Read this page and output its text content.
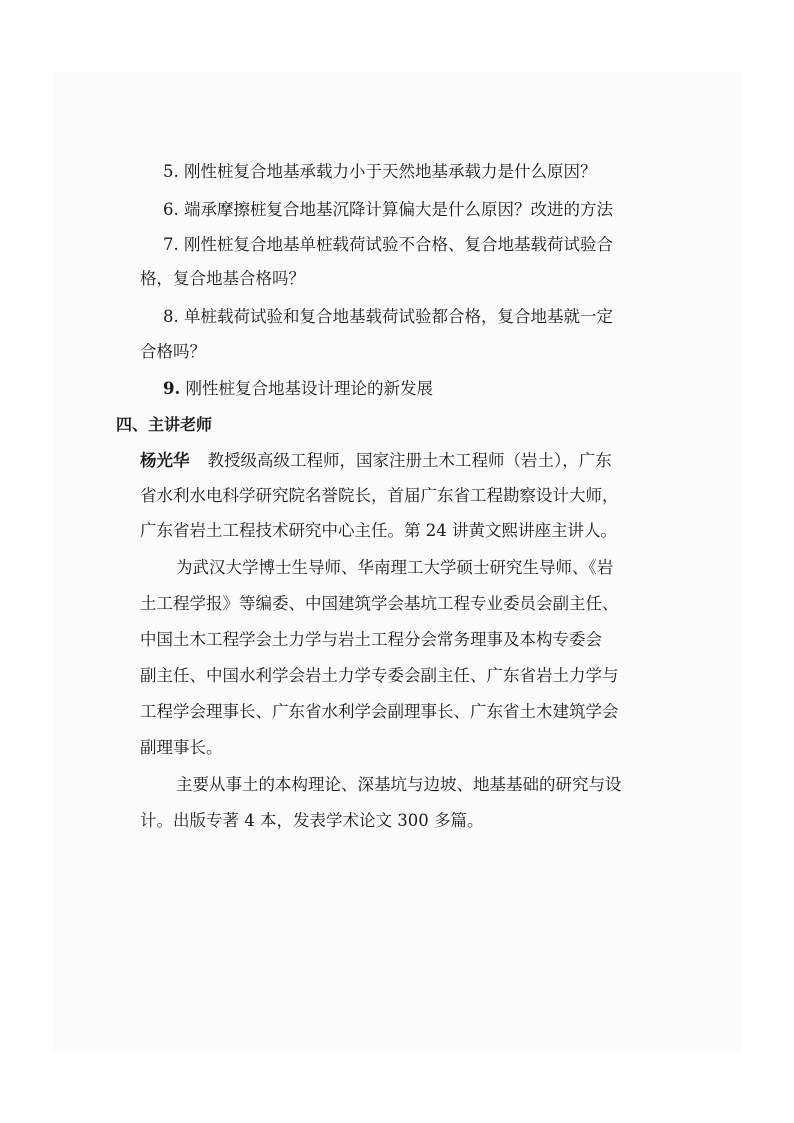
5. 刚性桩复合地基承载力小于天然地基承载力是什么原因？
6. 端承摩擦桩复合地基沉降计算偏大是什么原因？改进的方法
7. 刚性桩复合地基单桩载荷试验不合格、复合地基载荷试验合
格，复合地基合格吗？
8. 单桩载荷试验和复合地基载荷试验都合格，复合地基就一定
合格吗？
9. 刚性桩复合地基设计理论的新发展
四、主讲老师
杨光华 教授级高级工程师，国家注册土木工程师（岩土），广东
省水利水电科学研究院名誉院长，首届广东省工程勘察设计大师，
广东省岩土工程技术研究中心主任。第 24 讲黄文熙讲座主讲人。
为武汉大学博士生导师、华南理工大学硕士研究生导师、《岩
土工程学报》等编委、中国建筑学会基坑工程专业委员会副主任、
中国土木工程学会土力学与岩土工程分会常务理事及本构专委会
副主任、中国水利学会岩土力学专委会副主任、广东省岩土力学与
工程学会理事长、广东省水利学会副理事长、广东省土木建筑学会
副理事长。
主要从事土的本构理论、深基坑与边坡、地基基础的研究与设
计。出版专著 4 本，发表学术论文 300 多篇。
